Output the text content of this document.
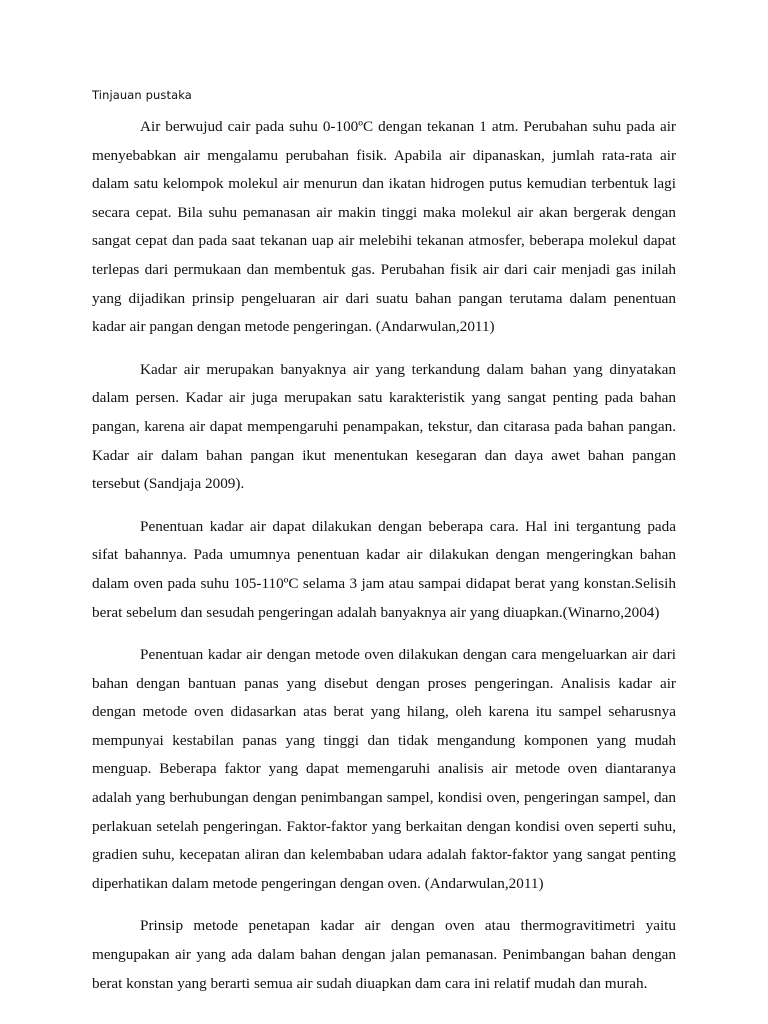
Tinjauan pustaka

Air berwujud cair pada suhu 0-100ºC dengan tekanan 1 atm. Perubahan suhu pada air menyebabkan air mengalamu perubahan fisik. Apabila air dipanaskan, jumlah rata-rata air dalam satu kelompok molekul air menurun dan ikatan hidrogen putus kemudian terbentuk lagi secara cepat. Bila suhu pemanasan air makin tinggi maka molekul air akan bergerak dengan sangat cepat dan pada saat tekanan uap air melebihi tekanan atmosfer, beberapa molekul dapat terlepas dari permukaan dan membentuk gas. Perubahan fisik air dari cair menjadi gas inilah yang dijadikan prinsip pengeluaran air dari suatu bahan pangan terutama dalam penentuan kadar air pangan dengan metode pengeringan. (Andarwulan,2011)

Kadar air merupakan banyaknya air yang terkandung dalam bahan yang dinyatakan dalam persen. Kadar air juga merupakan satu karakteristik yang sangat penting pada bahan pangan, karena air dapat mempengaruhi penampakan, tekstur, dan citarasa pada bahan pangan. Kadar air dalam bahan pangan ikut menentukan kesegaran dan daya awet bahan pangan tersebut (Sandjaja 2009).

Penentuan kadar air dapat dilakukan dengan beberapa cara. Hal ini tergantung pada sifat bahannya. Pada umumnya penentuan kadar air dilakukan dengan mengeringkan bahan dalam oven pada suhu 105-110ºC selama 3 jam atau sampai didapat berat yang konstan.Selisih berat sebelum dan sesudah pengeringan adalah banyaknya air yang diuapkan.(Winarno,2004)

Penentuan kadar air dengan metode oven dilakukan dengan cara mengeluarkan air dari bahan dengan bantuan panas yang disebut dengan proses pengeringan. Analisis kadar air dengan metode oven didasarkan atas berat yang hilang, oleh karena itu sampel seharusnya mempunyai kestabilan panas yang tinggi dan tidak mengandung komponen yang mudah menguap. Beberapa faktor yang dapat memengaruhi analisis air metode oven diantaranya adalah yang berhubungan dengan penimbangan sampel, kondisi oven, pengeringan sampel, dan perlakuan setelah pengeringan. Faktor-faktor yang berkaitan dengan kondisi oven seperti suhu, gradien suhu, kecepatan aliran dan kelembaban udara adalah faktor-faktor yang sangat penting diperhatikan dalam metode pengeringan dengan oven. (Andarwulan,2011)

Prinsip metode penetapan kadar air dengan oven atau thermogravitimetri yaitu mengupakan air yang ada dalam bahan dengan jalan pemanasan. Penimbangan bahan dengan berat konstan yang berarti semua air sudah diuapkan dam cara ini relatif mudah dan murah.
